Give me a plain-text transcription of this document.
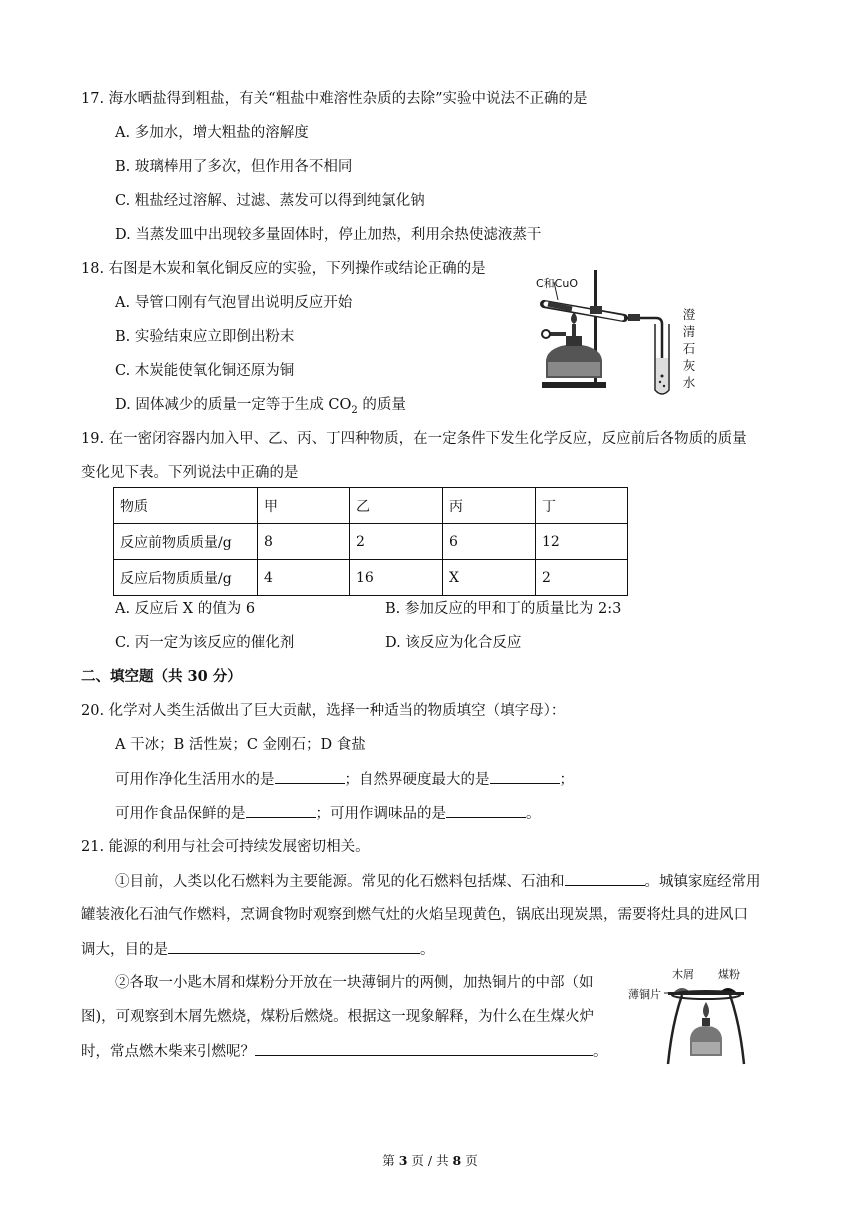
17. 海水晒盐得到粗盐，有关“粗盐中难溶性杂质的去除”实验中说法不正确的是
A. 多加水，增大粗盐的溶解度
B. 玻璃棒用了多次，但作用各不相同
C. 粗盐经过溶解、过滤、蒸发可以得到纯氯化钠
D. 当蒸发皿中出现较多量固体时，停止加热，利用余热使滤液蒸干
18. 右图是木炭和氧化铜反应的实验，下列操作或结论正确的是
A. 导管口刚有气泡冒出说明反应开始
B. 实验结束应立即倒出粉末
C. 木炭能使氧化铜还原为铜
D. 固体减少的质量一定等于生成 $CO_2$ 的质量
C和CuO
澄
清
石
灰
水
19. 在一密闭容器内加入甲、乙、丙、丁四种物质，在一定条件下发生化学反应，反应前后各物质的质量
变化见下表。下列说法中正确的是
物质	甲	乙	丙	丁
反应前物质质量/g	8	2	6	12
反应后物质质量/g	4	16	X	2
A. 反应后 X 的值为 6	B. 参加反应的甲和丁的质量比为 2:3
C. 丙一定为该反应的催化剂	D. 该反应为化合反应
二、填空题（共 30 分）
20. 化学对人类生活做出了巨大贡献，选择一种适当的物质填空（填字母）：
A 干冰；B 活性炭；C 金刚石；D 食盐
可用作净化生活用水的是	；自然界硬度最大的是	；
可用作食品保鲜的是	；可用作调味品的是	。
21. 能源的利用与社会可持续发展密切相关。
①目前，人类以化石燃料为主要能源。常见的化石燃料包括煤、石油和	。城镇家庭经常用
罐装液化石油气作燃料，烹调食物时观察到燃气灶的火焰呈现黄色，锅底出现炭黑，需要将灶具的进风口
调大，目的是	。
②各取一小匙木屑和煤粉分开放在一块薄铜片的两侧，加热铜片的中部（如
图)，可观察到木屑先燃烧，煤粉后燃烧。根据这一现象解释，为什么在生煤火炉
时，常点燃木柴来引燃呢？	。
木屑 煤粉
薄铜片
第 3 页 / 共 8 页
